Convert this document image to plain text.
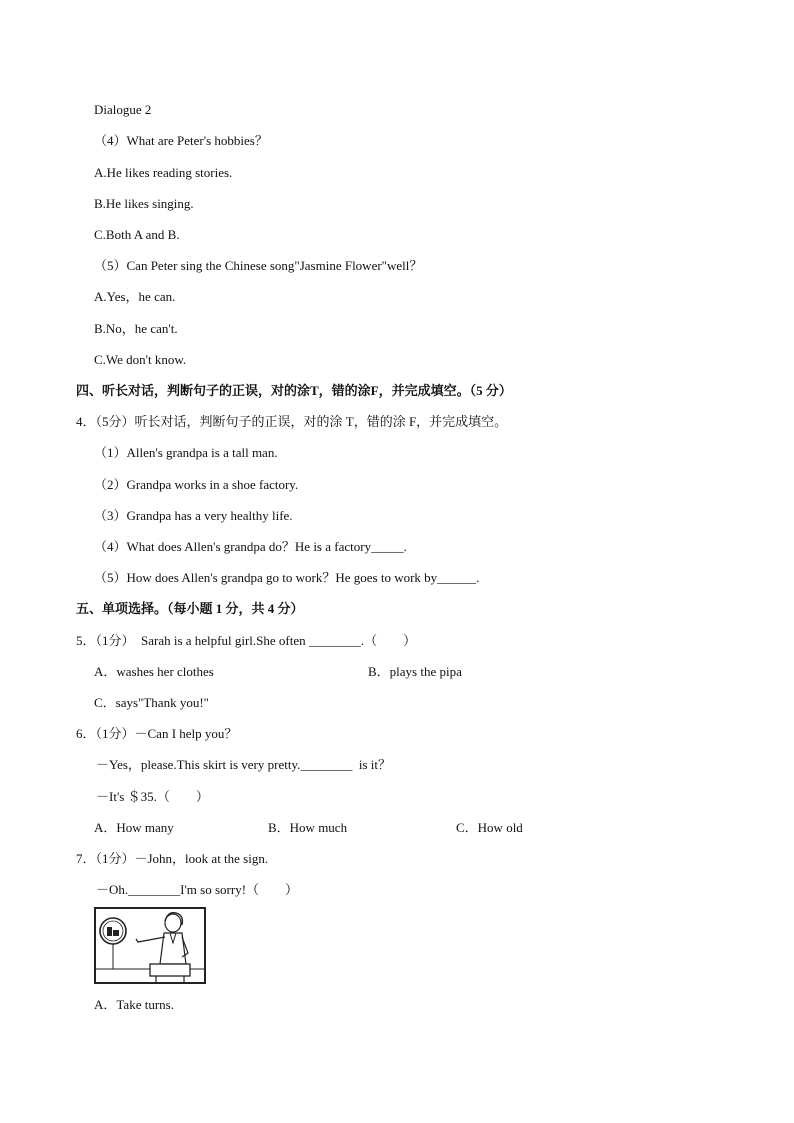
Dialogue 2
（4）What are Peter's hobbies？
A.He likes reading stories.
B.He likes singing.
C.Both A and B.
（5）Can Peter sing the Chinese song"Jasmine Flower"well？
A.Yes，he can.
B.No，he can't.
C.We don't know.
四、听长对话，判断句子的正误，对的涂T，错的涂F，并完成填空。（5 分）
4．（5分）听长对话，判断句子的正误，对的涂 T，错的涂 F，并完成填空。
（1）Allen's grandpa is a tall man.
（2）Grandpa works in a shoe factory.
（3）Grandpa has a very healthy life.
（4）What does Allen's grandpa do？He is a factory_____.
（5）How does Allen's grandpa go to work？He goes to work by______.
五、单项选择。（每小题 1 分，共 4 分）
5．（1分）  Sarah is a helpful girl.She often ________.（　　）
A．washes her clothes	B．plays the pipa
C．says"Thank you!"
6．（1分）－Can I help you？
－Yes，please.This skirt is very pretty.________  is it？
－It's ＄35.（　　）
A．How many	B．How much	C．How old
7．（1分）－John，look at the sign.
－Oh.________I'm so sorry!（　　）
A．Take turns.
